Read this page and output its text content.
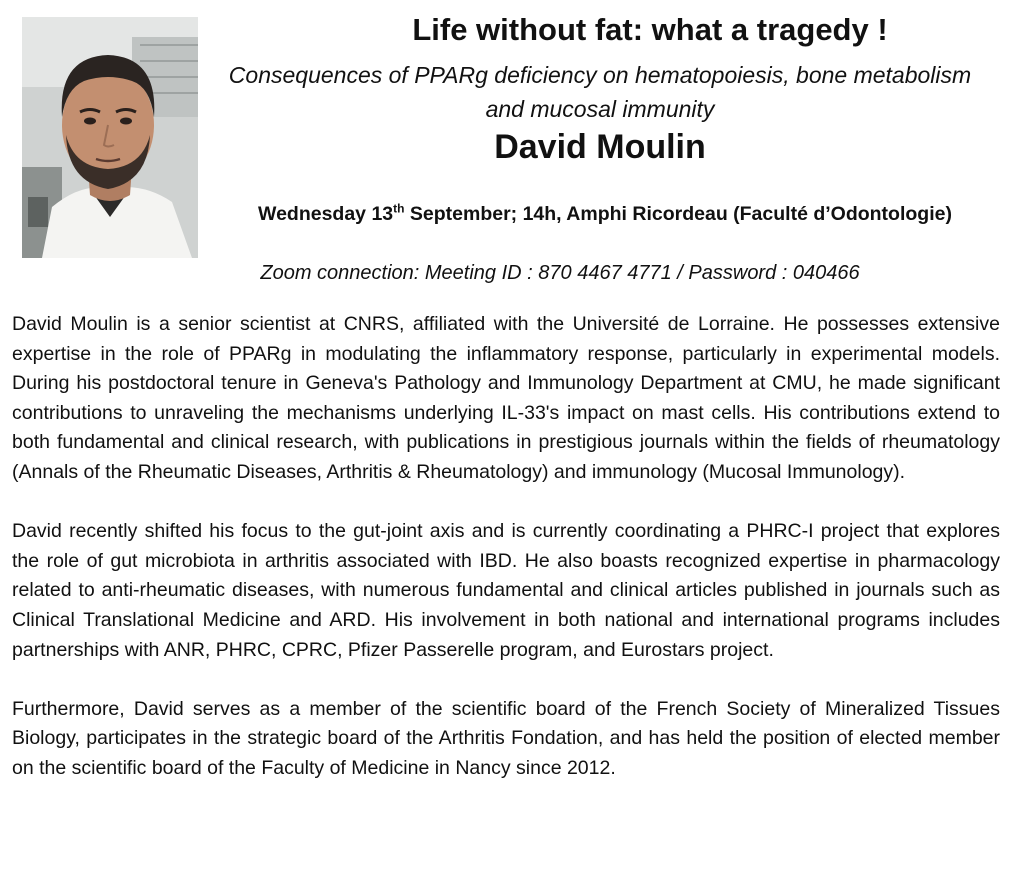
Life without fat: what a tragedy !

Consequences of PPARg deficiency on hematopoiesis, bone metabolism and mucosal immunity

David Moulin

Wednesday 13th September; 14h, Amphi Ricordeau (Faculté d’Odontologie)

Zoom connection: Meeting ID : 870 4467 4771 / Password : 040466

David Moulin is a senior scientist at CNRS, affiliated with the Université de Lorraine. He possesses extensive expertise in the role of PPARg in modulating the inflammatory response, particularly in experimental models. During his postdoctoral tenure in Geneva's Pathology and Immunology Department at CMU, he made significant contributions to unraveling the mechanisms underlying IL-33's impact on mast cells. His contributions extend to both fundamental and clinical research, with publications in prestigious journals within the fields of rheumatology (Annals of the Rheumatic Diseases, Arthritis & Rheumatology) and immunology (Mucosal Immunology).

David recently shifted his focus to the gut-joint axis and is currently coordinating a PHRC-I project that explores the role of gut microbiota in arthritis associated with IBD. He also boasts recognized expertise in pharmacology related to anti-rheumatic diseases, with numerous fundamental and clinical articles published in journals such as Clinical Translational Medicine and ARD. His involvement in both national and international programs includes partnerships with ANR, PHRC, CPRC, Pfizer Passerelle program, and Eurostars project.

Furthermore, David serves as a member of the scientific board of the French Society of Mineralized Tissues Biology, participates in the strategic board of the Arthritis Fondation, and has held the position of elected member on the scientific board of the Faculty of Medicine in Nancy since 2012.
